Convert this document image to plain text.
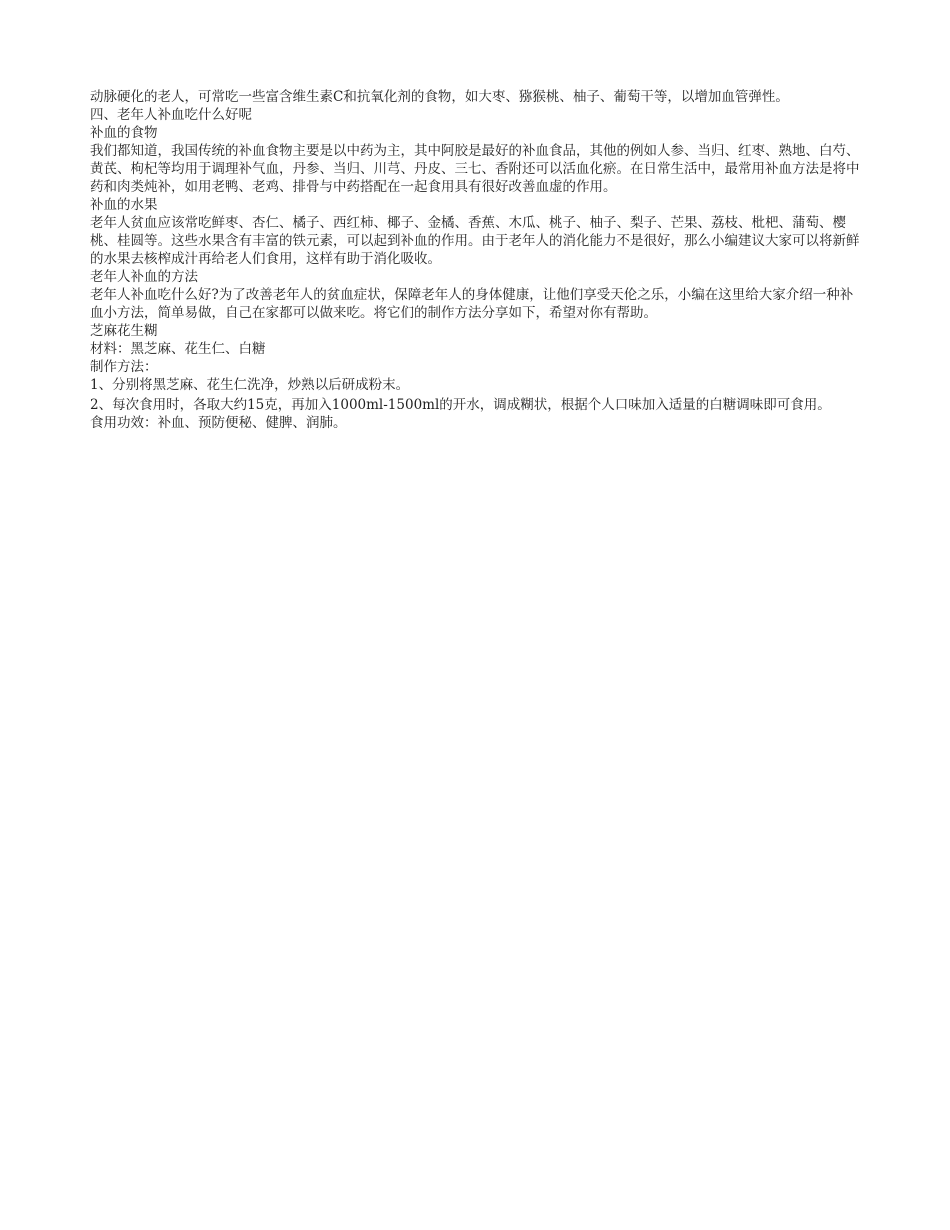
动脉硬化的老人，可常吃一些富含维生素C和抗氧化剂的食物，如大枣、猕猴桃、柚子、葡萄干等，以增加血管弹性。

四、老年人补血吃什么好呢

补血的食物

我们都知道，我国传统的补血食物主要是以中药为主，其中阿胶是最好的补血食品，其他的例如人参、当归、红枣、熟地、白芍、黄芪、枸杞等均用于调理补气血，丹参、当归、川芎、丹皮、三七、香附还可以活血化瘀。在日常生活中，最常用补血方法是将中药和肉类炖补，如用老鸭、老鸡、排骨与中药搭配在一起食用具有很好改善血虚的作用。

补血的水果

老年人贫血应该常吃鲜枣、杏仁、橘子、西红柿、椰子、金橘、香蕉、木瓜、桃子、柚子、梨子、芒果、荔枝、枇杷、蒲萄、樱桃、桂圆等。这些水果含有丰富的铁元素，可以起到补血的作用。由于老年人的消化能力不是很好，那么小编建议大家可以将新鲜的水果去核榨成汁再给老人们食用，这样有助于消化吸收。

老年人补血的方法

老年人补血吃什么好?为了改善老年人的贫血症状，保障老年人的身体健康，让他们享受天伦之乐，小编在这里给大家介绍一种补血小方法，简单易做，自己在家都可以做来吃。将它们的制作方法分享如下，希望对你有帮助。

芝麻花生糊

材料：黑芝麻、花生仁、白糖

制作方法：

1、分别将黑芝麻、花生仁洗净，炒熟以后研成粉末。

2、每次食用时，各取大约15克，再加入1000ml-1500ml的开水，调成糊状，根据个人口味加入适量的白糖调味即可食用。

食用功效：补血、预防便秘、健脾、润肺。
